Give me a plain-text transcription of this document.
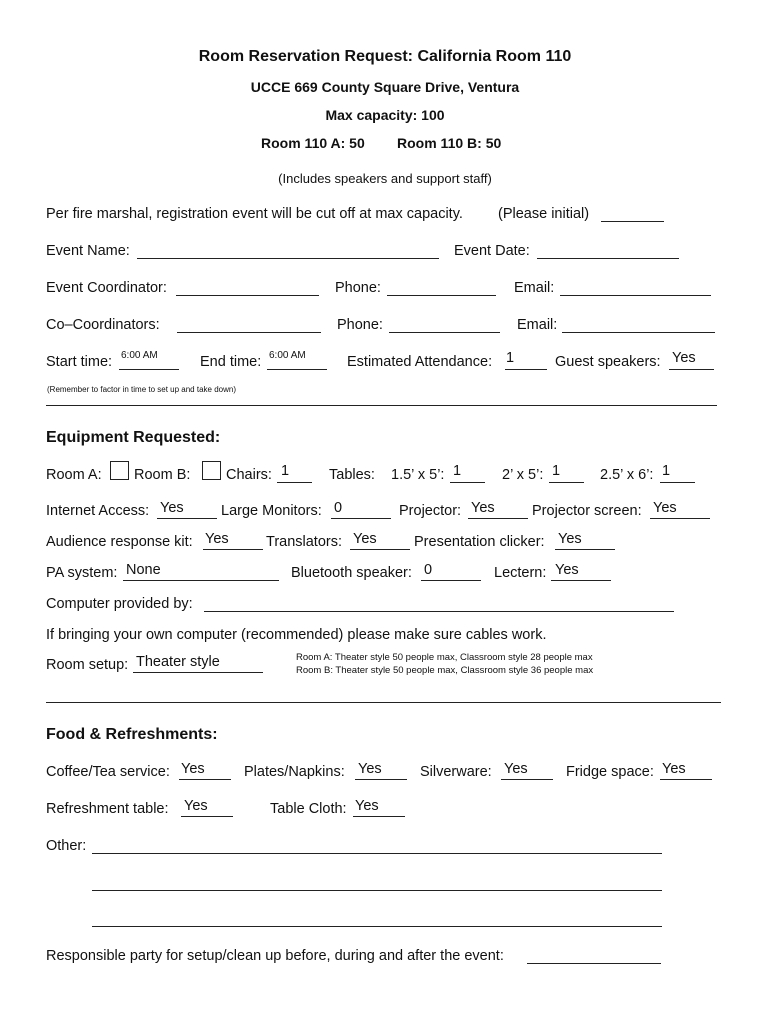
Room Reservation Request: California Room 110
UCCE 669 County Square Drive, Ventura
Max capacity: 100
Room 110 A: 50 Room 110 B: 50
(Includes speakers and support staff)
Per fire marshal, registration event will be cut off at max capacity. (Please initial)
Event Name:	Event Date:
Event Coordinator:	Phone:	Email:
Co–Coordinators:	Phone:	Email:
Start time: 6:00 AM	End time: 6:00 AM	Estimated Attendance: 1	Guest speakers: Yes
(Remember to factor in time to set up and take down)
Equipment Requested:
Room A: Room B: Chairs: 1	Tables: 1.5’ x 5’: 1	2’ x 5’: 1	2.5’ x 6’: 1
Internet Access: Yes	Large Monitors: 0	Projector: Yes	Projector screen: Yes
Audience response kit: Yes	Translators: Yes	Presentation clicker: Yes
PA system: None	Bluetooth speaker: 0	Lectern: Yes
Computer provided by:
If bringing your own computer (recommended) please make sure cables work.
Room setup: Theater style	Room A: Theater style 50 people max, Classroom style 28 people max
Room B: Theater style 50 people max, Classroom style 36 people max
Food & Refreshments:
Coffee/Tea service: Yes	Plates/Napkins: Yes	Silverware: Yes	Fridge space: Yes
Refreshment table: Yes	Table Cloth: Yes
Other:
Responsible party for setup/clean up before, during and after the event:
